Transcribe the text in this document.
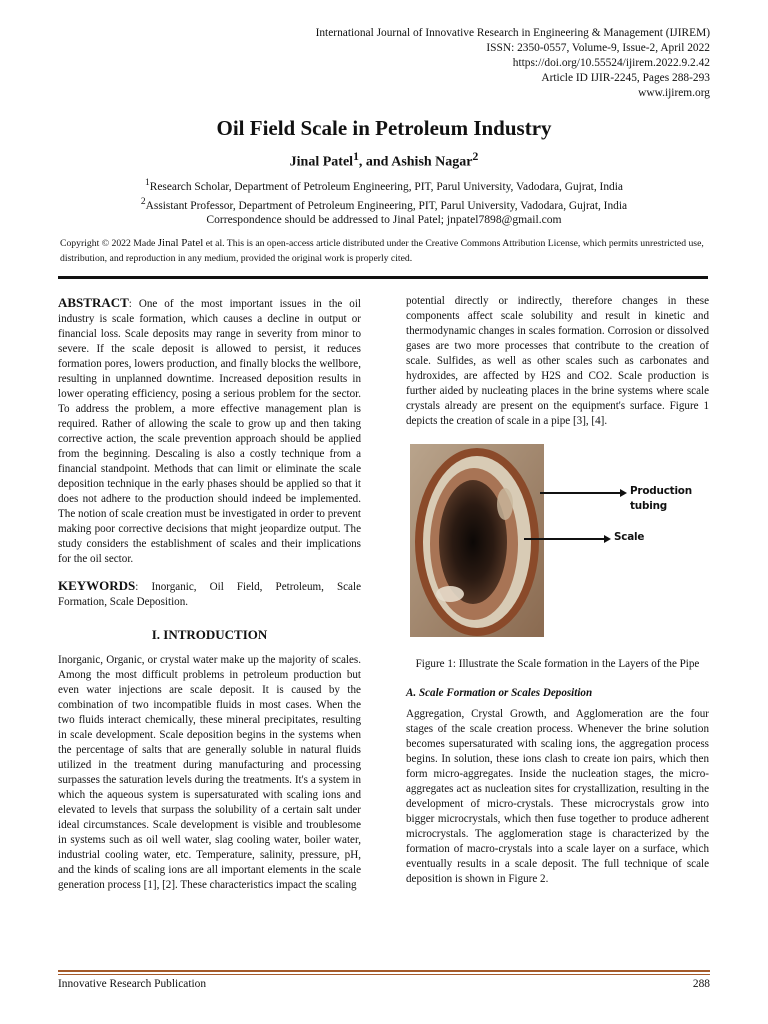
International Journal of Innovative Research in Engineering & Management (IJIREM)
ISSN: 2350-0557, Volume-9, Issue-2, April 2022
https://doi.org/10.55524/ijirem.2022.9.2.42
Article ID IJIR-2245, Pages 288-293
www.ijirem.org
Oil Field Scale in Petroleum Industry
Jinal Patel$^1$, and Ashish Nagar$^2$
$^1$Research Scholar, Department of Petroleum Engineering, PIT, Parul University, Vadodara, Gujrat, India
$^2$Assistant Professor, Department of Petroleum Engineering, PIT, Parul University, Vadodara, Gujrat, India
Correspondence should be addressed to Jinal Patel; jnpatel7898@gmail.com
Copyright © 2022 Made Jinal Patel et al. This is an open-access article distributed under the Creative Commons Attribution License, which permits unrestricted use, distribution, and reproduction in any medium, provided the original work is properly cited.

ABSTRACT: One of the most important issues in the oil industry is scale formation, which causes a decline in output or financial loss. Scale deposits may range in severity from minor to severe. If the scale deposit is allowed to persist, it reduces formation pores, lowers production, and finally blocks the wellbore, resulting in unplanned downtime. Increased deposition results in lower operating efficiency, posing a serious problem for the sector. To address the problem, a more effective management plan is required. Rather of allowing the scale to grow up and then taking corrective action, the scale prevention approach should be applied from the beginning. Descaling is also a costly technique from a financial standpoint. Methods that can limit or eliminate the scale deposition technique in the early phases should be applied so that it does not adhere to the production should indeed be implemented. The notion of scale creation must be investigated in order to prevent making poor corrective decisions that might jeopardize output. The study considers the establishment of scales and their implications for the oil sector.

KEYWORDS: Inorganic, Oil Field, Petroleum, Scale Formation, Scale Deposition.

I. INTRODUCTION

Inorganic, Organic, or crystal water make up the majority of scales. Among the most difficult problems in petroleum production but even water injections are scale deposit. It is caused by the combination of two incompatible fluids in most cases. When the two fluids interact chemically, these mineral precipitates, resulting in scale development. Scale deposition begins in the systems when the percentage of salts that are generally soluble in natural fluids utilized in the treatment during manufacturing and processing surpasses the saturation levels during the treatments. It's a system in which the aqueous system is supersaturated with scaling ions and elevated to levels that surpass the solubility of a certain salt under ideal circumstances. Scale development is visible and troublesome in systems such as oil well water, slag cooling water, boiler water, industrial cooling water, etc. Temperature, salinity, pressure, pH, and the kinds of scaling ions are all important elements in the scale generation process [1], [2]. These characteristics impact the scaling

potential directly or indirectly, therefore changes in these components affect scale solubility and result in kinetic and thermodynamic changes in scales formation. Corrosion or dissolved gases are two more processes that contribute to the creation of scale. Sulfides, as well as other scales such as carbonates and hydroxides, are affected by H2S and CO2. Scale production is further aided by nucleating places in the brine systems where scale crystals already are present on the equipment's surface. Figure 1 depicts the creation of scale in a pipe [3], [4].

Production tubing
Scale

Figure 1: Illustrate the Scale formation in the Layers of the Pipe

A. Scale Formation or Scales Deposition

Aggregation, Crystal Growth, and Agglomeration are the four stages of the scale creation process. Whenever the brine solution becomes supersaturated with scaling ions, the aggregation process begins. In solution, these ions clash to create ion pairs, which then form micro-aggregates. Inside the nucleation stages, the micro-aggregates act as nucleation sites for crystallization, resulting in the development of micro-crystals. These microcrystals grow into bigger microcrystals, which then fuse together to produce adherent microcrystals. The agglomeration stage is characterized by the formation of macro-crystals into a scale layer on a surface, which eventually results in a scale deposit. The full technique of scale deposition is shown in Figure 2.

Innovative Research Publication	288
